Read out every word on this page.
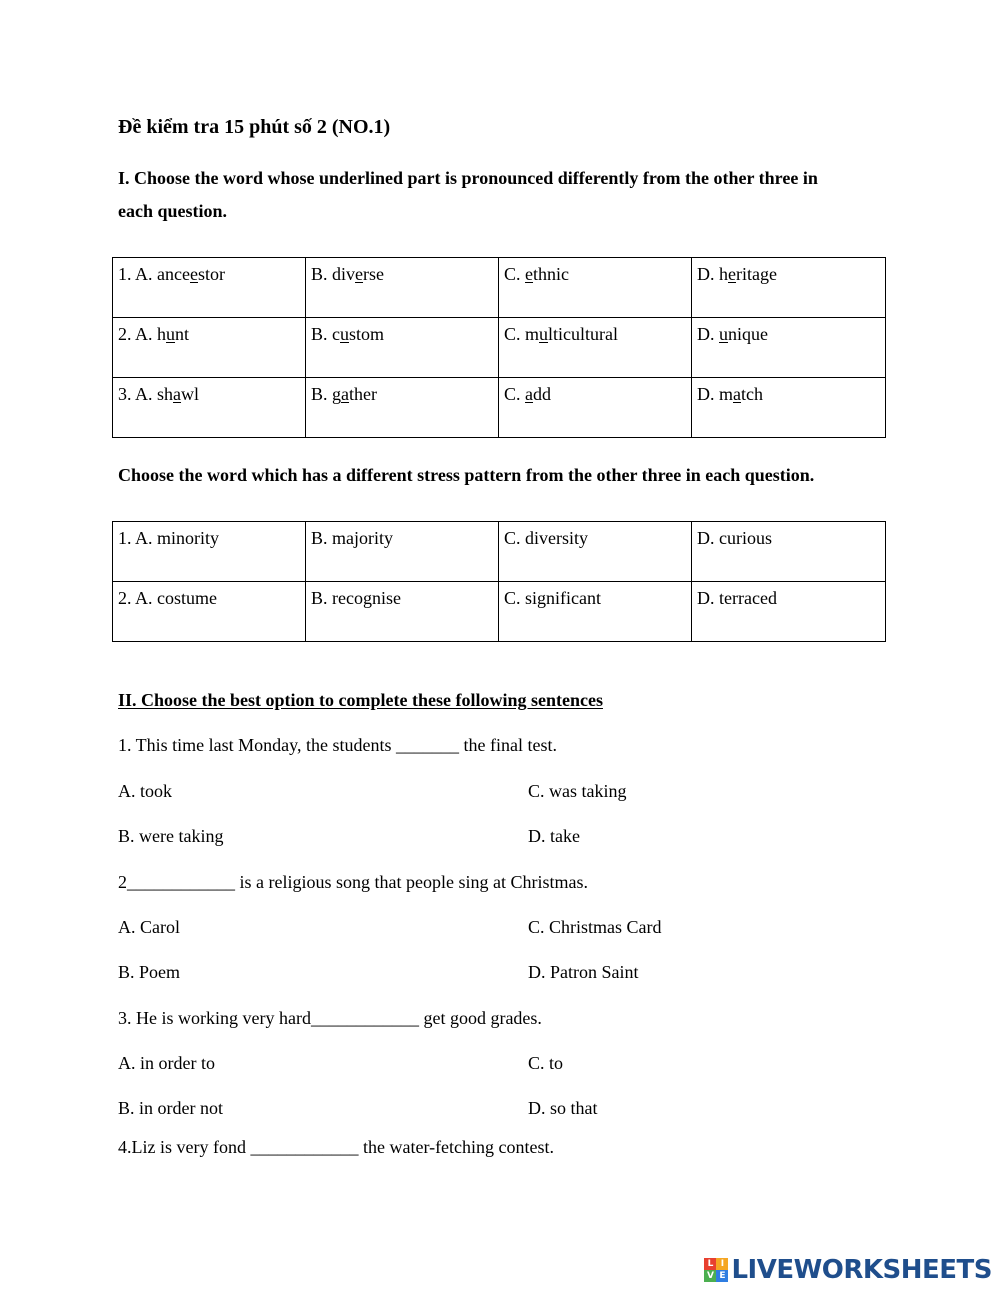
Đề kiểm tra 15 phút số 2 (NO.1)
I. Choose the word whose underlined part is pronounced differently from the other three in
each question.
1. A. anceestor	B. diverse	C. ethnic	D. heritage
2. A. hunt	B. custom	C. multicultural	D. unique
3. A. shawl	B. gather	C. add	D. match
Choose the word which has a different stress pattern from the other three in each question.
1. A. minority	B. majority	C. diversity	D. curious
2. A. costume	B. recognise	C. significant	D. terraced
II. Choose the best option to complete these following sentences
1. This time last Monday, the students _______ the final test.
A. took	C. was taking
B. were taking	D. take
2____________ is a religious song that people sing at Christmas.
A. Carol	C. Christmas Card
B. Poem	D. Patron Saint
3. He is working very hard____________ get good grades.
A. in order to	C. to
B. in order not	D. so that
4.Liz is very fond ____________ the water-fetching contest.
L I
V E LIVEWORKSHEETS
